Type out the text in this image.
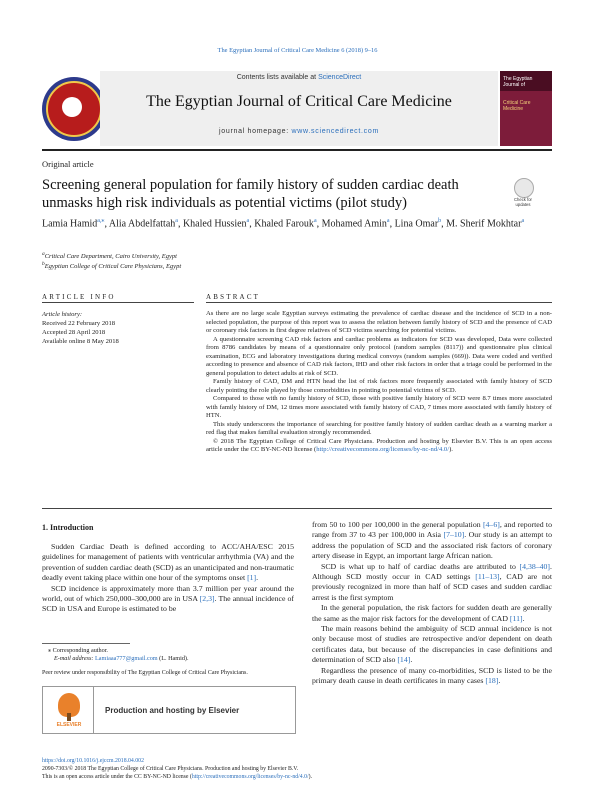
The Egyptian Journal of Critical Care Medicine 6 (2018) 9–16
Contents lists available at ScienceDirect
The Egyptian Journal of Critical Care Medicine
journal homepage: www.sciencedirect.com
The Egyptian Journal of
Critical Care Medicine
Original article
Screening general population for family history of sudden cardiac death unmasks high risk individuals as potential victims (pilot study)	Check for updates
Lamia Hamid$^{a,⁎}$, Alia Abdelfattah$^a$, Khaled Hussien$^a$, Khaled Farouk$^a$, Mohamed Amin$^a$, Lina Omar$^b$, M. Sherif Mokhtar$^a$
$^a$Critical Care Department, Cairo University, Egypt
$^b$Egyptian College of Critical Care Physicians, Egypt
ARTICLE INFO	ABSTRACT
Article history:
Received 22 February 2018
Accepted 28 April 2018
Available online 8 May 2018

As there are no large scale Egyptian surveys estimating the prevalence of cardiac disease and the incidence of SCD in a non-selected population, the purpose of this report was to assess the relation between family history of SCD and the presence of CAD or coronary risk factors in first degree relatives of SCD victims searching for potential victims.

A questionnaire screening CAD risk factors and cardiac problems as indicators for SCD was developed, Data were collected from 8786 candidates by means of a questionnaire only protocol (random samples (8117)) and questionnaire plus clinical examination, ECG and laboratory investigations during medical convoys (random samples (669)). Data were coded and verified according to presence and absence of CAD risk factors, IHD and other risk factors in order that a triage could be performed in the general population to detect adults at risk of SCD.

Family history of CAD, DM and HTN head the list of risk factors more frequently associated with family history of SCD clearly pointing the role played by those comorbidities in pointing to potential victims of SCD.

Compared to those with no family history of SCD, those with positive family history of SCD were 8.7 times more associated with family history of DM, 12 times more associated with family history of CAD, 7 times more associated with family history of HTN.

This study underscores the importance of searching for positive family history of sudden cardiac death as a warning marker a red flag that makes familial evaluation strongly recommended.

© 2018 The Egyptian College of Critical Care Physicians. Production and hosting by Elsevier B.V. This is an open access article under the CC BY-NC-ND license (http://creativecommons.org/licenses/by-nc-nd/4.0/).

1. Introduction

Sudden Cardiac Death is defined according to ACC/AHA/ESC 2015 guidelines for management of patients with ventricular arrhythmia (VA) and the prevention of sudden cardiac death (SCD) as an unanticipated and non-traumatic deadly event taking place within one hour of the symptoms onset [1].

SCD incidence is approximately more than 3.7 million per year around the world, out of which 250,000–300,000 are in USA [2,3]. The annual incidence of SCD in USA and Europe is estimated to be

from 50 to 100 per 100,000 in the general population [4–6], and reported to range from 37 to 43 per 100,000 in Asia [7–10]. Our study is an attempt to address the population of SCD and the associated risk factors of coronary artery disease in Egypt, an important large African nation.

SCD is what up to half of cardiac deaths are attributed to [4,38–40]. Although SCD mostly occur in CAD settings [11–13], CAD are not previously recognized in more than half of SCD cases and sudden cardiac arrest is the first symptom

In the general population, the risk factors for sudden death are generally the same as the major risk factors for the development of CAD [11].

The main reasons behind the ambiguity of SCD annual incidence is not only because most of studies are retrospective and/or dependent on death certificates data, but because of the discrepancies in case definitions and determination of SCD also [14].

Regardless the presence of many co-morbidities, SCD is listed to be the primary death cause in death certificates in many cases [18].

⁎ Corresponding author.
E-mail address: Lamiaaa777@gmail.com (L. Hamid).
Peer review under responsibility of The Egyptian College of Critical Care Physicians.
ELSEVIER
Production and hosting by Elsevier
https://doi.org/10.1016/j.ejccm.2018.04.002
2090-7303/© 2018 The Egyptian College of Critical Care Physicians. Production and hosting by Elsevier B.V.
This is an open access article under the CC BY-NC-ND license (http://creativecommons.org/licenses/by-nc-nd/4.0/).
